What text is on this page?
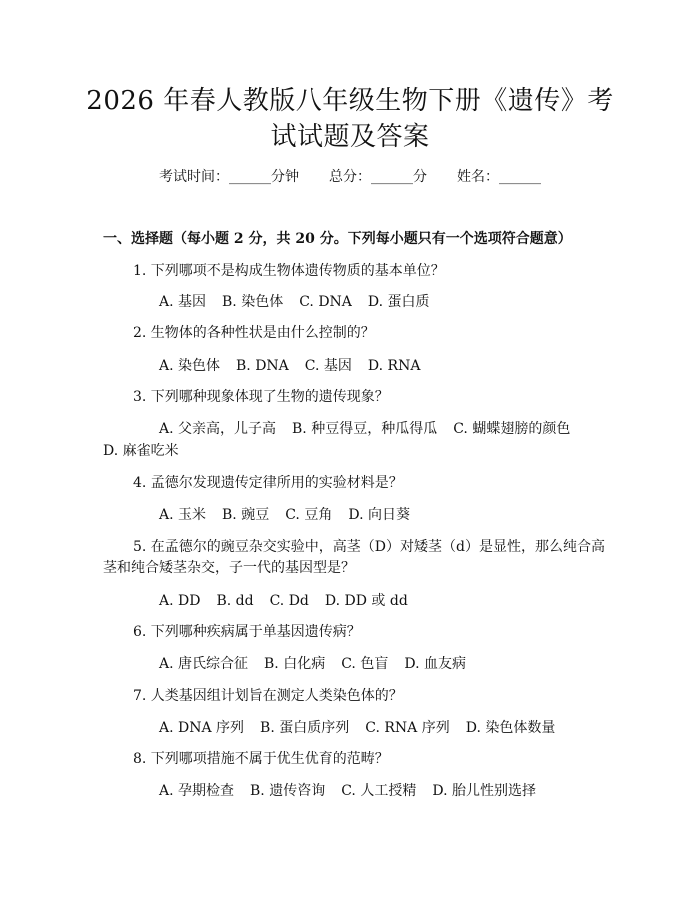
2026 年春人教版八年级生物下册《遗传》考
试试题及答案
考试时间：______分钟 总分：______分 姓名：______
一、选择题（每小题 2 分，共 20 分。下列每小题只有一个选项符合题意）
1. 下列哪项不是构成生物体遗传物质的基本单位？
A. 基因 B. 染色体 C. DNA D. 蛋白质
2. 生物体的各种性状是由什么控制的？
A. 染色体 B. DNA C. 基因 D. RNA
3. 下列哪种现象体现了生物的遗传现象？
A. 父亲高，儿子高 B. 种豆得豆，种瓜得瓜 C. 蝴蝶翅膀的颜色
D. 麻雀吃米
4. 孟德尔发现遗传定律所用的实验材料是？
A. 玉米 B. 豌豆 C. 豆角 D. 向日葵
5. 在孟德尔的豌豆杂交实验中，高茎（D）对矮茎（d）是显性，那么纯合高
茎和纯合矮茎杂交，子一代的基因型是？
A. DD B. dd C. Dd D. DD 或 dd
6. 下列哪种疾病属于单基因遗传病？
A. 唐氏综合征 B. 白化病 C. 色盲 D. 血友病
7. 人类基因组计划旨在测定人类染色体的？
A. DNA 序列 B. 蛋白质序列 C. RNA 序列 D. 染色体数量
8. 下列哪项措施不属于优生优育的范畴？
A. 孕期检查 B. 遗传咨询 C. 人工授精 D. 胎儿性别选择
